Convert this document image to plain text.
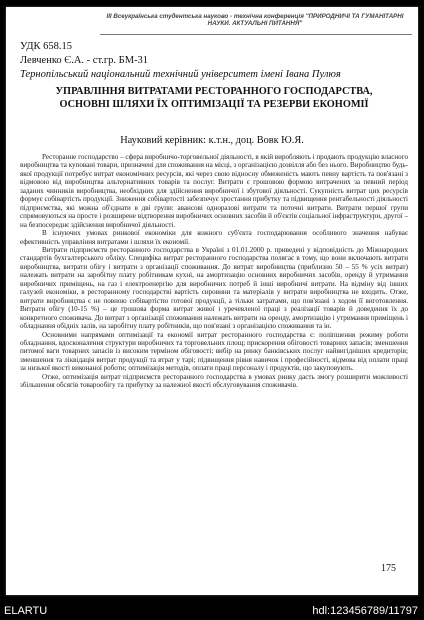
ІІІ Всеукраїнська студентська науково - технічна конференція "ПРИРОДНИЧІ ТА ГУМАНІТАРНІ НАУКИ. АКТУАЛЬНІ ПИТАННЯ"
УДК 658.15
Левченко Є.А. - ст.гр. БМ-31
Тернопільський національний технічний університет імені Івана Пулюя
УПРАВЛІННЯ ВИТРАТАМИ РЕСТОРАННОГО ГОСПОДАРСТВА, ОСНОВНІ ШЛЯХИ ЇХ ОПТИМІЗАЦІЇ ТА РЕЗЕРВИ ЕКОНОМІЇ
Науковий керівник: к.т.н., доц. Вовк Ю.Я.

Ресторанне господарство – сфера виробничо-торговельної діяльності, в якій виробляють і продають продукцію власного виробництва та куповані товари, призначені для споживання на місці, з організацією дозвілля або без нього. Виробництво будь-якої продукції потребує витрат економічних ресурсів, які через свою відносну обмеженість мають певну вартість та пов'язані з відмовою від виробництва альтернативних товарів та послуг. Витрати є грошовою формою витрачених за певний період заданих чинників виробництва, необхідних для здійснення виробничої і збутової діяльності. Сукупність витрат цих ресурсів формує собівартість продукції. Зниження собівартості забезпечує зростання прибутку та підвищення рентабельності діяльності підприємства, які можна об'єднати в дві групи: авансові одноразові витрати та поточні витрати. Витрати першої групи спрямовуються на просте і розширене відтворення виробничих основних засобів й об'єктів соціальної інфраструктури, другої – на безпосереднє здійснення виробничої діяльності.

В існуючих умовах ринкової економіки для кожного суб'єкта господарювання особливого значення набуває ефективність управління витратами і шляхи їх економії.

Витрати підприємств ресторанного господарства в Україні з 01.01.2000 р. приведені у відповідність до Міжнародних стандартів бухгалтерського обліку. Специфіка витрат ресторанного господарства полягає в тому, що вони включають витрати виробництва, витрати обігу і витрати з організації споживання. До витрат виробництва (приблизно 50 – 55 % усіх витрат) належать витрати на заробітну плату робітникам кухні, на амортизацію основних виробничих засобів, оренду й утримання виробничих приміщень, на газ і електроенергію для виробничих потреб й інші виробничі витрати. На відміну від інших галузей економіки, в ресторанному господарстві вартість сировини та матеріалів у витрати виробництва не входить. Отже, витрати виробництва є не повною собівартістю готової продукції, а тільки затратами, що пов'язані з ходом її виготовлення. Витрати обігу (10-15 %) – це грошова форма витрат живої і уречевленої праці з реалізації товарів й доведення їх до конкретного споживача. До витрат з організації споживання належать витрати на оренду, амортизацію і утримання приміщень і обладнання обідніх залів, на заробітну плату робітників, що пов'язані з організацією споживання та ін.

Основними напрямами оптимізації та економії витрат ресторанного господарства є: поліпшення режиму роботи обладнання, вдосконалення структури виробничих та торговельних площ; прискорення обіговості товарних запасів; зменшення питомої ваги товарних запасів із високим терміном обіговості; вибір на ринку банківських послуг найвигідніших кредиторів; зменшення та ліквідація витрат продукції та втрат у тарі; підвищення рівня навичок і професійності, відмова від оплати праці за низької якості виконаної роботи; оптимізація методів, оплати праці персоналу і продуктів, що закуповують.

Отже, оптимізація витрат підприємств ресторанного господарства в умовах ринку дасть змогу розширити можливості збільшення обсягів товарообігу та прибутку за належної якості обслуговування споживачів.

175
ELARTU	hdl:123456789/11797
